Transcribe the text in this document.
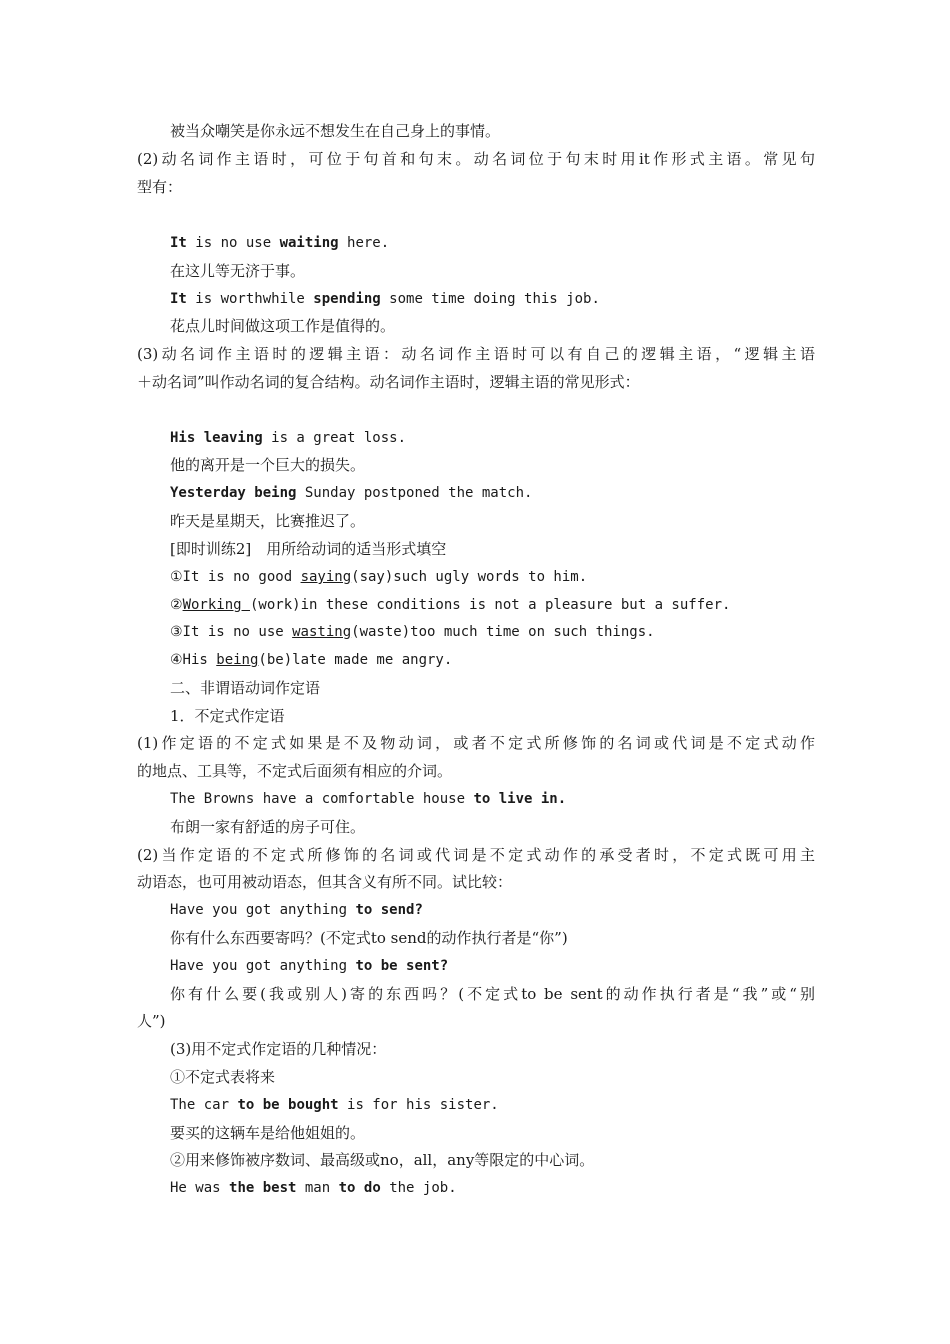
被当众嘲笑是你永远不想发生在自己身上的事情。
(2)动名词作主语时，可位于句首和句末。动名词位于句末时用it作形式主语。常见句
型有：
It is no use waiting here.
在这儿等无济于事。
It is worthwhile spending some time doing this job.
花点儿时间做这项工作是值得的。
(3)动名词作主语时的逻辑主语：动名词作主语时可以有自己的逻辑主语，“逻辑主语
＋动名词”叫作动名词的复合结构。动名词作主语时，逻辑主语的常见形式：
His leaving is a great loss.
他的离开是一个巨大的损失。
Yesterday being Sunday postponed the match.
昨天是星期天，比赛推迟了。
[即时训练2]　用所给动词的适当形式填空
①It is no good saying(say)such ugly words to him.
②Working (work)in these conditions is not a pleasure but a suffer.
③It is no use wasting(waste)too much time on such things.
④His being(be)late made me angry.
二、非谓语动词作定语
1．不定式作定语
(1)作定语的不定式如果是不及物动词，或者不定式所修饰的名词或代词是不定式动作
的地点、工具等，不定式后面须有相应的介词。
The Browns have a comfortable house to live in.
布朗一家有舒适的房子可住。
(2)当作定语的不定式所修饰的名词或代词是不定式动作的承受者时，不定式既可用主
动语态，也可用被动语态，但其含义有所不同。试比较：
Have you got anything to send?
你有什么东西要寄吗？(不定式to send的动作执行者是“你”)
Have you got anything to be sent?
你有什么要(我或别人)寄的东西吗？(不定式to be sent的动作执行者是“我”或“别
人”)
(3)用不定式作定语的几种情况：
①不定式表将来
The car to be bought is for his sister.
要买的这辆车是给他姐姐的。
②用来修饰被序数词、最高级或no，all，any等限定的中心词。
He was the best man to do the job.
